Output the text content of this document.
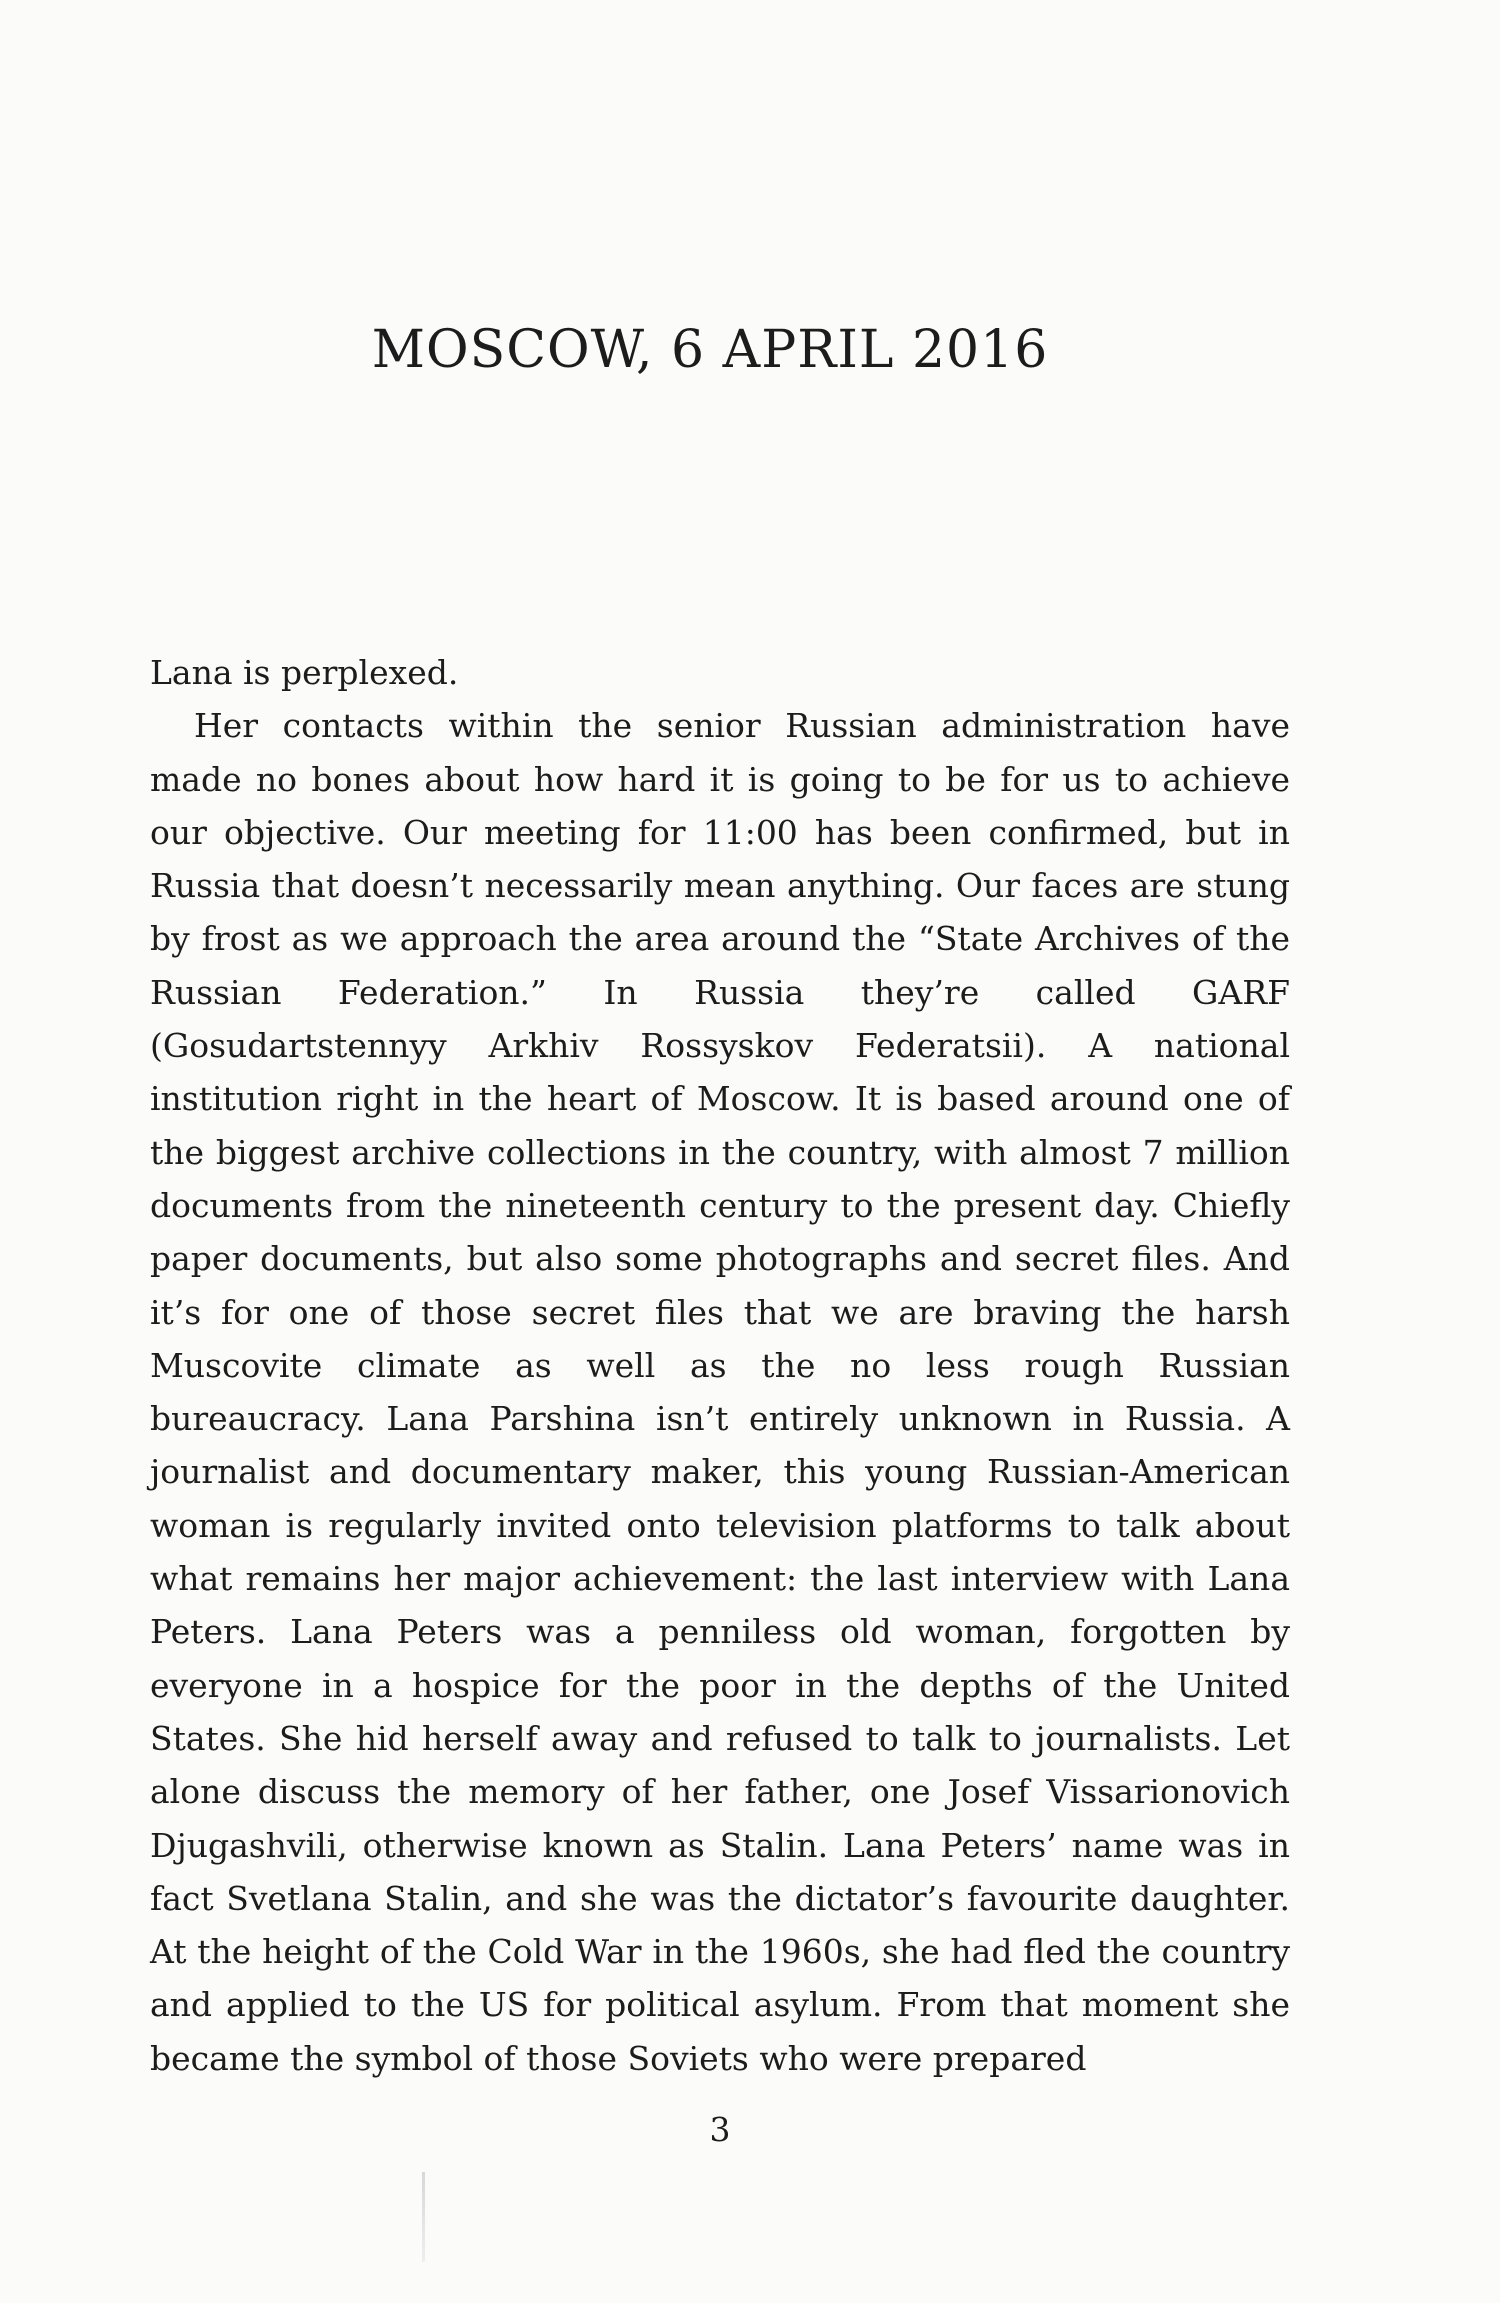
MOSCOW, 6 APRIL 2016

Lana is perplexed.

Her contacts within the senior Russian administration have made no bones about how hard it is going to be for us to achieve our objective. Our meeting for 11:00 has been confirmed, but in Russia that doesn’t necessarily mean anything. Our faces are stung by frost as we approach the area around the “State Archives of the Russian Federation.” In Russia they’re called GARF (Gosudartstennyy Arkhiv Rossyskov Federatsii). A national institution right in the heart of Moscow. It is based around one of the biggest archive collections in the country, with almost 7 million documents from the nineteenth century to the present day. Chiefly paper documents, but also some photographs and secret files. And it’s for one of those secret files that we are braving the harsh Muscovite climate as well as the no less rough Russian bureaucracy. Lana Parshina isn’t entirely unknown in Russia. A journalist and documentary maker, this young Russian-American woman is regularly invited onto television platforms to talk about what remains her major achievement: the last interview with Lana Peters. Lana Peters was a penniless old woman, forgotten by everyone in a hospice for the poor in the depths of the United States. She hid herself away and refused to talk to journalists. Let alone discuss the memory of her father, one Josef Vissarionovich Djugashvili, otherwise known as Stalin. Lana Peters’ name was in fact Svetlana Stalin, and she was the dictator’s favourite daughter. At the height of the Cold War in the 1960s, she had fled the country and applied to the US for political asylum. From that moment she became the symbol of those Soviets who were prepared

3
